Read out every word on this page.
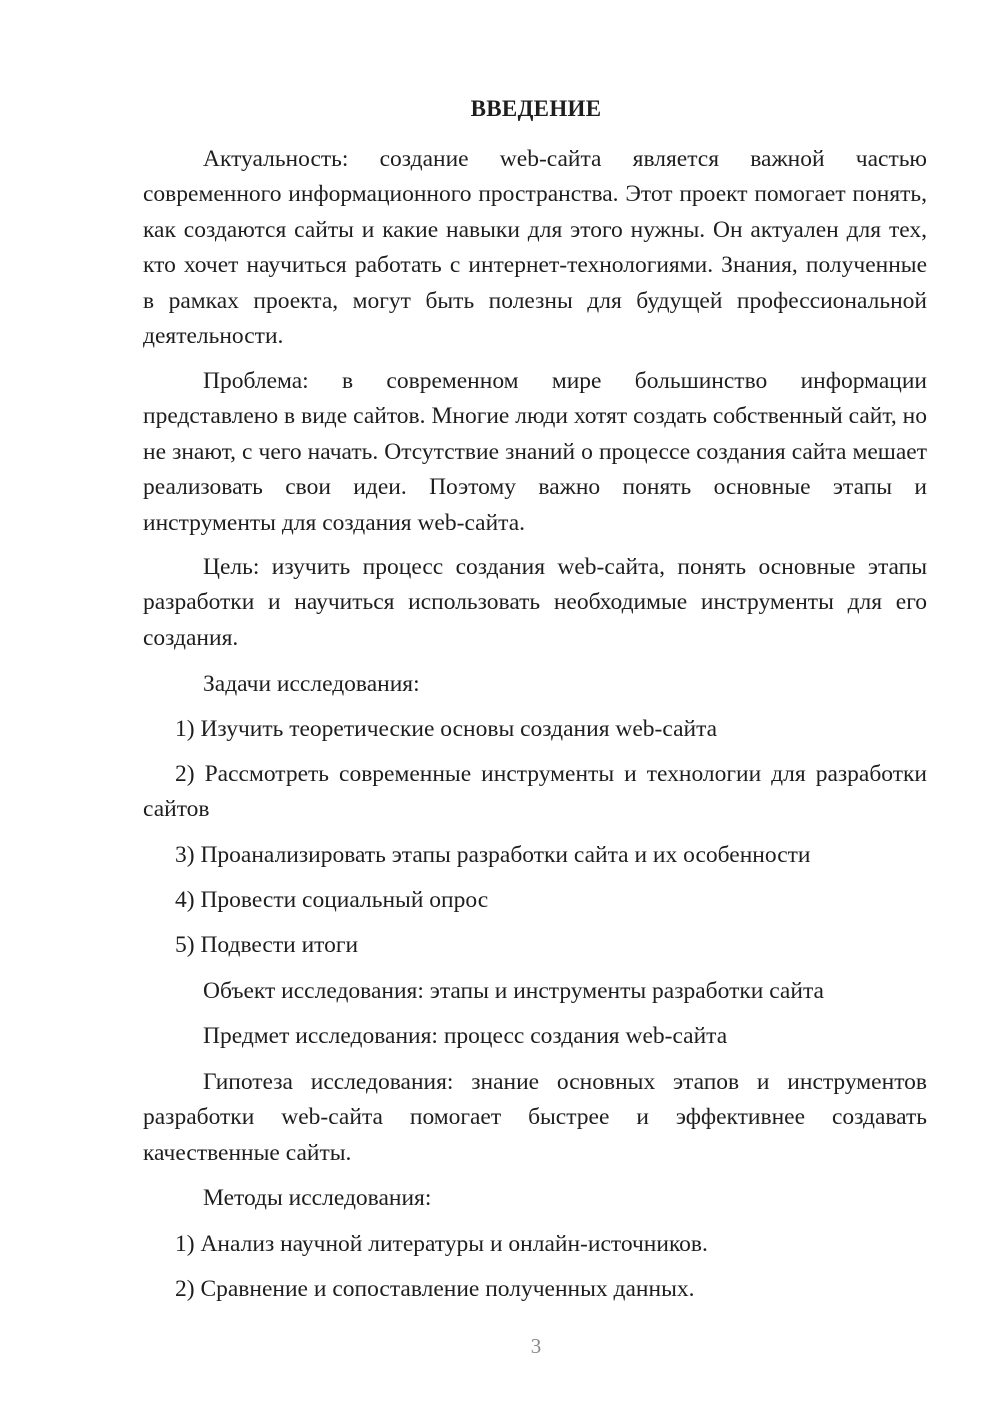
ВВЕДЕНИЕ

Актуальность: создание web-сайта является важной частью современного информационного пространства. Этот проект помогает понять, как создаются сайты и какие навыки для этого нужны. Он актуален для тех, кто хочет научиться работать с интернет-технологиями. Знания, полученные в рамках проекта, могут быть полезны для будущей профессиональной деятельности.

Проблема: в современном мире большинство информации представлено в виде сайтов. Многие люди хотят создать собственный сайт, но не знают, с чего начать. Отсутствие знаний о процессе создания сайта мешает реализовать свои идеи. Поэтому важно понять основные этапы и инструменты для создания web-сайта.

Цель: изучить процесс создания web-сайта, понять основные этапы разработки и научиться использовать необходимые инструменты для его создания.

Задачи исследования:

1) Изучить теоретические основы создания web-сайта

2) Рассмотреть современные инструменты и технологии для разработки сайтов

3) Проанализировать этапы разработки сайта и их особенности

4) Провести социальный опрос

5) Подвести итоги

Объект исследования: этапы и инструменты разработки сайта

Предмет исследования: процесс создания web-сайта

Гипотеза исследования: знание основных этапов и инструментов разработки web-сайта помогает быстрее и эффективнее создавать качественные сайты.

Методы исследования:

1) Анализ научной литературы и онлайн-источников.

2) Сравнение и сопоставление полученных данных.

3
